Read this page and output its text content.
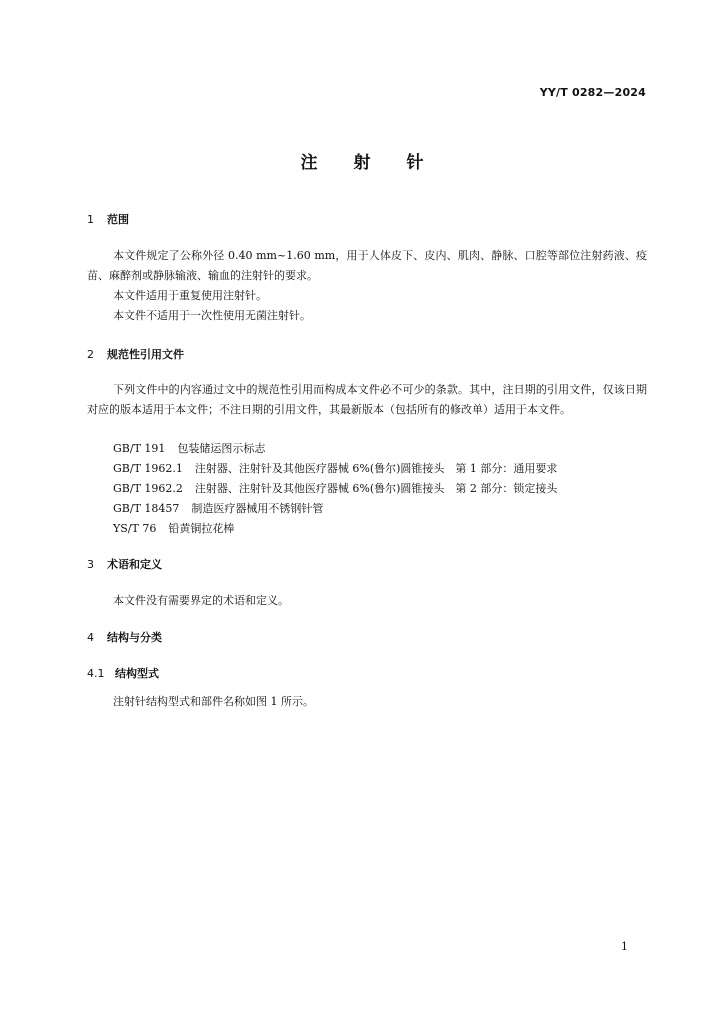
YY/T 0282—2024
注射针
1 范围
本文件规定了公称外径 0.40 mm~1.60 mm，用于人体皮下、皮内、肌肉、静脉、口腔等部位注射药液、疫苗、麻醉剂或静脉输液、输血的注射针的要求。
本文件适用于重复使用注射针。
本文件不适用于一次性使用无菌注射针。
2 规范性引用文件
下列文件中的内容通过文中的规范性引用而构成本文件必不可少的条款。其中，注日期的引用文件，仅该日期对应的版本适用于本文件；不注日期的引用文件，其最新版本（包括所有的修改单）适用于本文件。
GB/T 191 包装储运图示标志
GB/T 1962.1 注射器、注射针及其他医疗器械 6%(鲁尔)圆锥接头　第 1 部分：通用要求
GB/T 1962.2 注射器、注射针及其他医疗器械 6%(鲁尔)圆锥接头　第 2 部分：锁定接头
GB/T 18457 制造医疗器械用不锈钢针管
YS/T 76 铅黄铜拉花棒
3 术语和定义
本文件没有需要界定的术语和定义。
4 结构与分类
4.1 结构型式
注射针结构型式和部件名称如图 1 所示。
1
